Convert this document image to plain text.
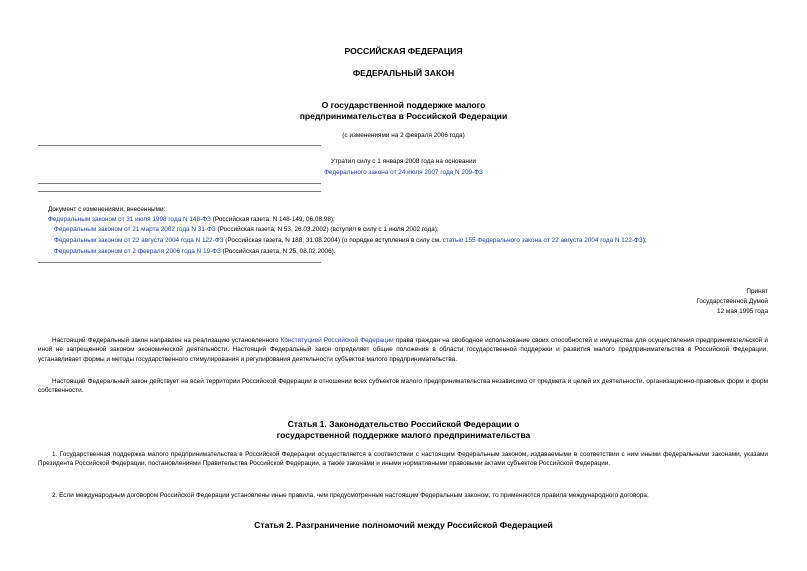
РОССИЙСКАЯ ФЕДЕРАЦИЯ
ФЕДЕРАЛЬНЫЙ ЗАКОН
О государственной поддержке малого
предпринимательства в Российской Федерации
(с изменениями на 2 февраля 2006 года)
Утратил силу с 1 января 2008 года на основании
Федерального закона от 24 июля 2007 года N 209-ФЗ
Документ с изменениями, внесенными:
Федеральным законом от 31 июля 1998 года N 148-ФЗ (Российская газета, N 148-149, 06.08.98);
Федеральным законом от 21 марта 2002 года N 31-ФЗ (Российская газета, N 53, 26.03.2002) (вступил в силу с 1 июля 2002 года);
Федеральным законом от 22 августа 2004 года N 122-ФЗ (Российская газета, N 188, 31.08.2004) (о порядке вступления в силу см. статью 155 Федерального закона от 22 августа 2004 года N 122-ФЗ);
Федеральным законом от 2 февраля 2006 года N 19-ФЗ (Российская газета, N 25, 08.02.2006).
Принят
Государственной Думой
12 мая 1995 года
Настоящий Федеральный закон направлен на реализацию установленного Конституцией Российской Федерации права граждан на свободное использование своих способностей и имущества для осуществления предпринимательской и иной не запрещенной законом экономической деятельности. Настоящий Федеральный закон определяет общие положения в области государственной поддержки и развития малого предпринимательства в Российской Федерации, устанавливает формы и методы государственного стимулирования и регулирования деятельности субъектов малого предпринимательства.
Настоящий Федеральный закон действует на всей территории Российской Федерации в отношении всех субъектов малого предпринимательства независимо от предмета и целей их деятельности, организационно-правовых форм и форм собственности.
Статья 1. Законодательство Российской Федерации о
государственной поддержке малого предпринимательства
1. Государственная поддержка малого предпринимательства в Российской Федерации осуществляется в соответствии с настоящим Федеральным законом, издаваемыми в соответствии с ним иными федеральными законами, указами Президента Российской Федерации, постановлениями Правительства Российской Федерации, а также законами и иными нормативными правовыми актами субъектов Российской Федерации.
2. Если международным договором Российской Федерации установлены иные правила, чем предусмотренные настоящим Федеральным законом, то применяются правила международного договора.
Статья 2. Разграничение полномочий между Российской Федерацией
